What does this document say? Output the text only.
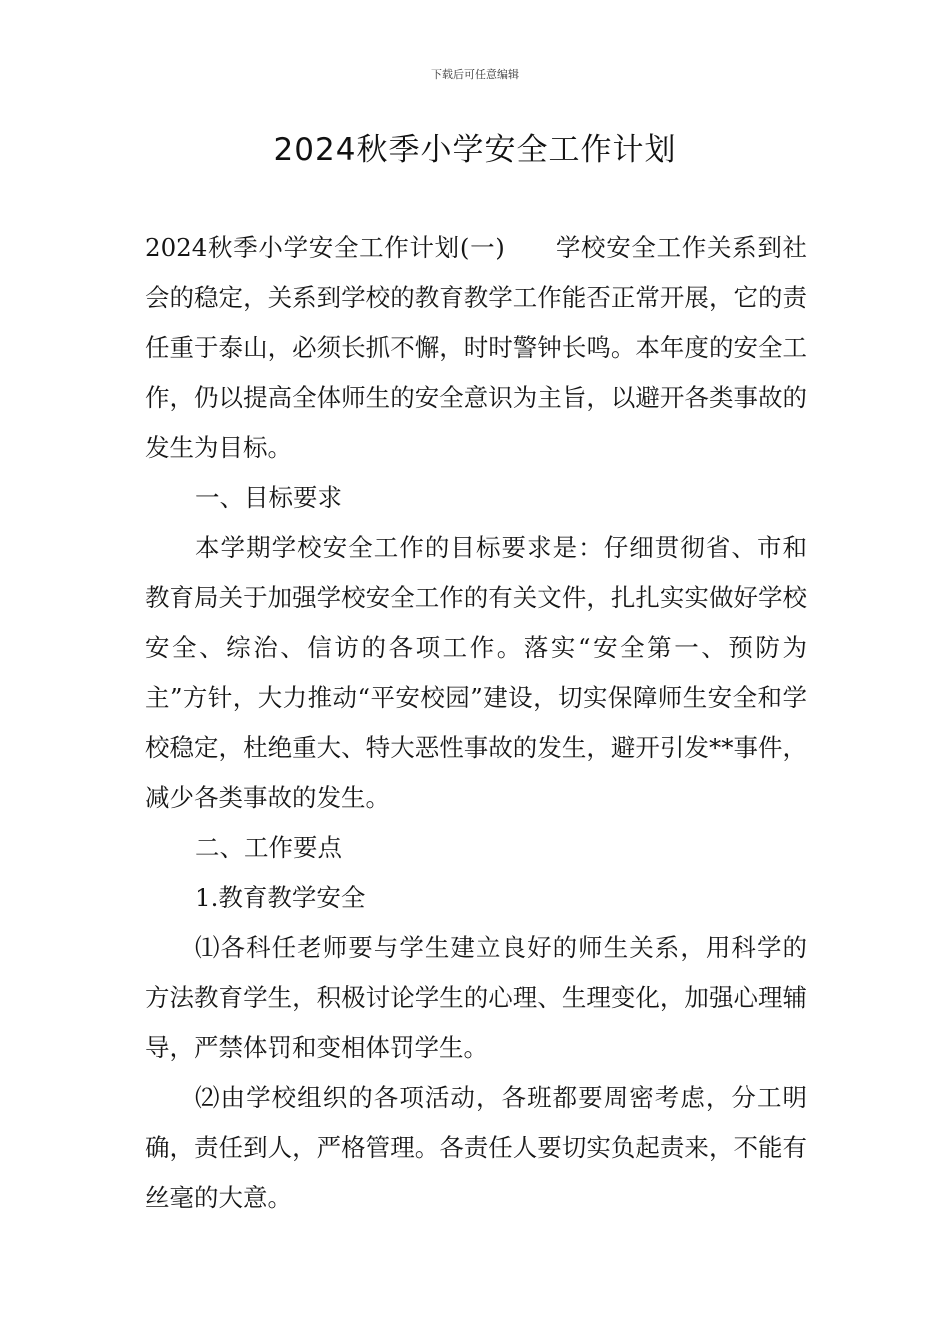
下载后可任意编辑
2024秋季小学安全工作计划

2024秋季小学安全工作计划(一)　　学校安全工作关系到社会的稳定，关系到学校的教育教学工作能否正常开展，它的责任重于泰山，必须长抓不懈，时时警钟长鸣。本年度的安全工作，仍以提高全体师生的安全意识为主旨，以避开各类事故的发生为目标。

一、目标要求

本学期学校安全工作的目标要求是：仔细贯彻省、市和教育局关于加强学校安全工作的有关文件，扎扎实实做好学校安全、综治、信访的各项工作。落实“安全第一、预防为主”方针，大力推动“平安校园”建设，切实保障师生安全和学校稳定，杜绝重大、特大恶性事故的发生，避开引发**事件，减少各类事故的发生。

二、工作要点

1.教育教学安全

⑴各科任老师要与学生建立良好的师生关系，用科学的方法教育学生，积极讨论学生的心理、生理变化，加强心理辅导，严禁体罚和变相体罚学生。

⑵由学校组织的各项活动，各班都要周密考虑，分工明确，责任到人，严格管理。各责任人要切实负起责来，不能有丝毫的大意。
